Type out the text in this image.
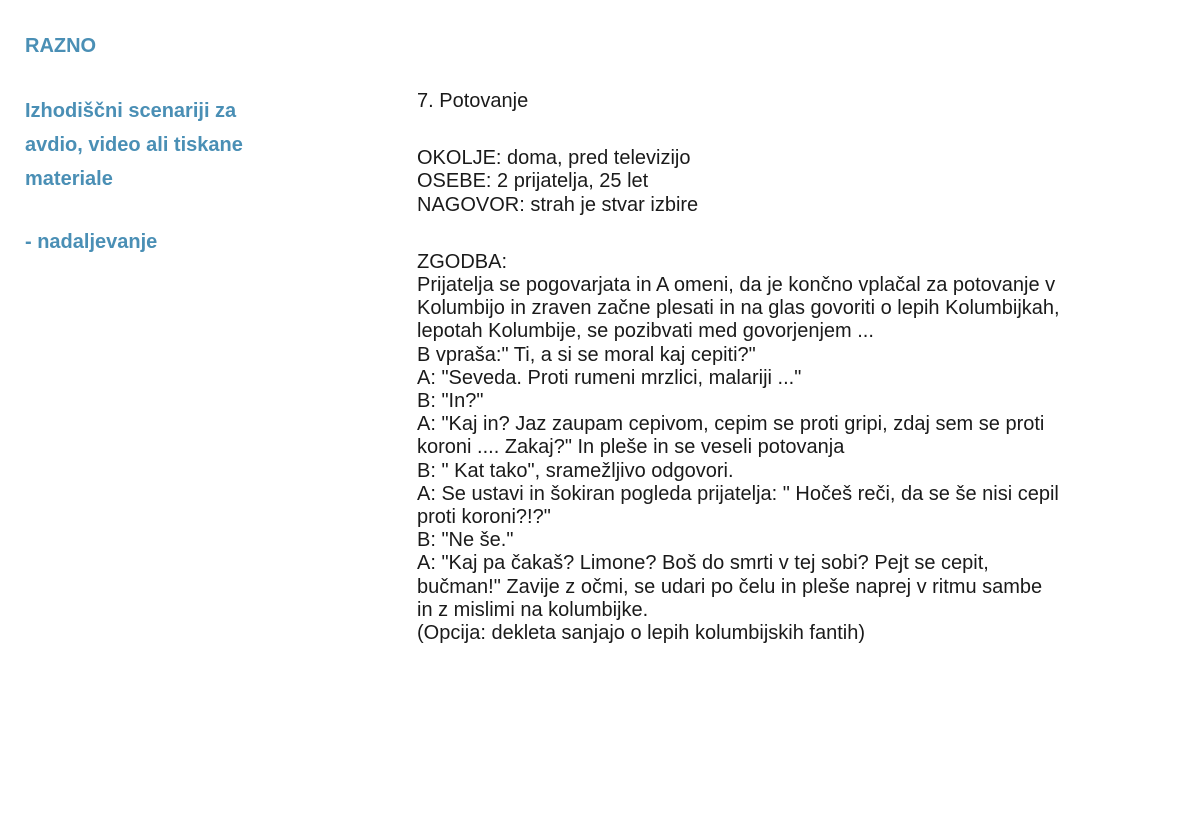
RAZNO

Izhodiščni scenariji za
avdio, video ali tiskane
materiale

- nadaljevanje

7. Potovanje

OKOLJE: doma, pred televizijo

OSEBE: 2 prijatelja, 25 let

NAGOVOR: strah je stvar izbire

ZGODBA:

Prijatelja se pogovarjata in A omeni, da je končno vplačal za potovanje v

Kolumbijo in zraven začne plesati in na glas govoriti o lepih Kolumbijkah,

lepotah Kolumbije, se pozibvati med govorjenjem ...

B vpraša:" Ti, a si se moral kaj cepiti?"

A: "Seveda. Proti rumeni mrzlici, malariji ..."

B: "In?"

A: "Kaj in? Jaz zaupam cepivom, cepim se proti gripi, zdaj sem se proti

koroni .... Zakaj?" In pleše in se veseli potovanja

B: " Kat tako", sramežljivo odgovori.

A: Se ustavi in šokiran pogleda prijatelja: " Hočeš reči, da se še nisi cepil

proti koroni?!?"

B: "Ne še."

A: "Kaj pa čakaš? Limone? Boš do smrti v tej sobi? Pejt se cepit,

bučman!" Zavije z očmi, se udari po čelu in pleše naprej v ritmu sambe

in z mislimi na kolumbijke.

(Opcija: dekleta sanjajo o lepih kolumbijskih fantih)
